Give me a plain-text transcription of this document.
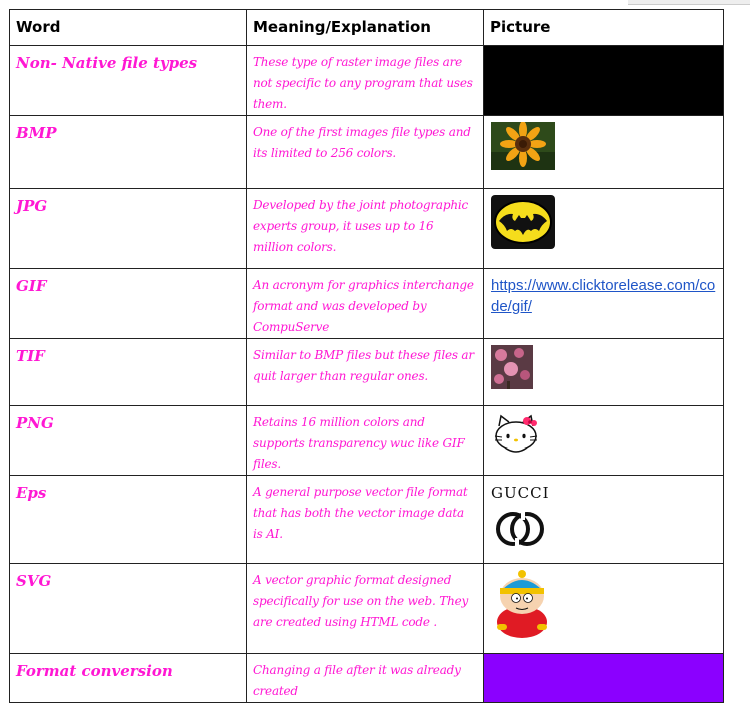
Word	Meaning/Explanation	Picture
Non- Native file types	These type of raster image files are not specific to any program that uses them.	
BMP	One of the first images file types and its limited to 256 colors.	
JPG	Developed by the joint photographic experts group, it uses up to 16 million colors.	
GIF	An acronym for graphics interchange format and was developed by CompuServe	https://www.clicktorelease.com/code/gif/

TIF	Similar to BMP files but these files ar quit larger than regular ones.	
PNG	Retains 16 million colors and supports transparency wuc like GIF files.	
Eps	A general purpose vector file format that has both the vector image data is AI.	GUCCI

SVG	A vector graphic format designed specifically for use on the web. They are created using HTML code .	
Format conversion	Changing a file after it was already created	
